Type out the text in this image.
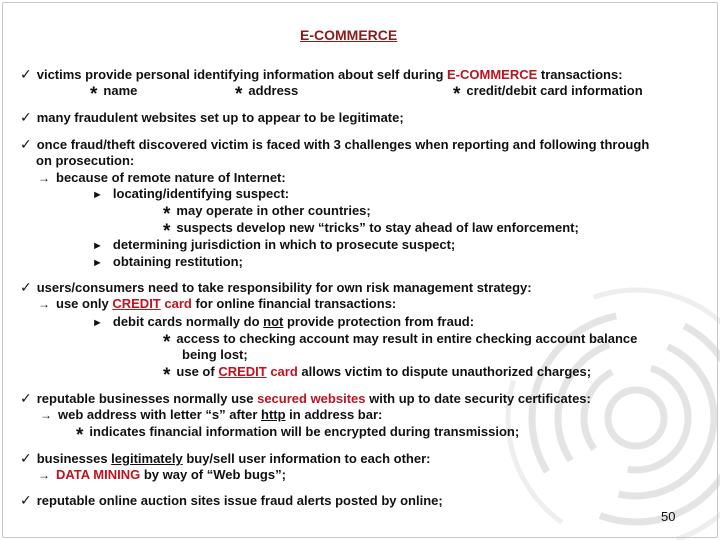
E-COMMERCE
✓ victims provide personal identifying information about self during E-COMMERCE transactions:
* name	* address	* credit/debit card information
✓ many fraudulent websites set up to appear to be legitimate;
✓ once fraud/theft discovered victim is faced with 3 challenges when reporting and following through
on prosecution:
→ because of remote nature of Internet:
► locating/identifying suspect:
* may operate in other countries;
* suspects develop new “tricks” to stay ahead of law enforcement;
► determining jurisdiction in which to prosecute suspect;
► obtaining restitution;
✓ users/consumers need to take responsibility for own risk management strategy:
→ use only CREDIT card for online financial transactions:
► debit cards normally do not provide protection from fraud:
* access to checking account may result in entire checking account balance
being lost;
* use of CREDIT card allows victim to dispute unauthorized charges;
✓ reputable businesses normally use secured websites with up to date security certificates:
→ web address with letter “s” after http in address bar:
* indicates financial information will be encrypted during transmission;
✓ businesses legitimately buy/sell user information to each other:
→ DATA MINING by way of “Web bugs”;
✓ reputable online auction sites issue fraud alerts posted by online;
50
